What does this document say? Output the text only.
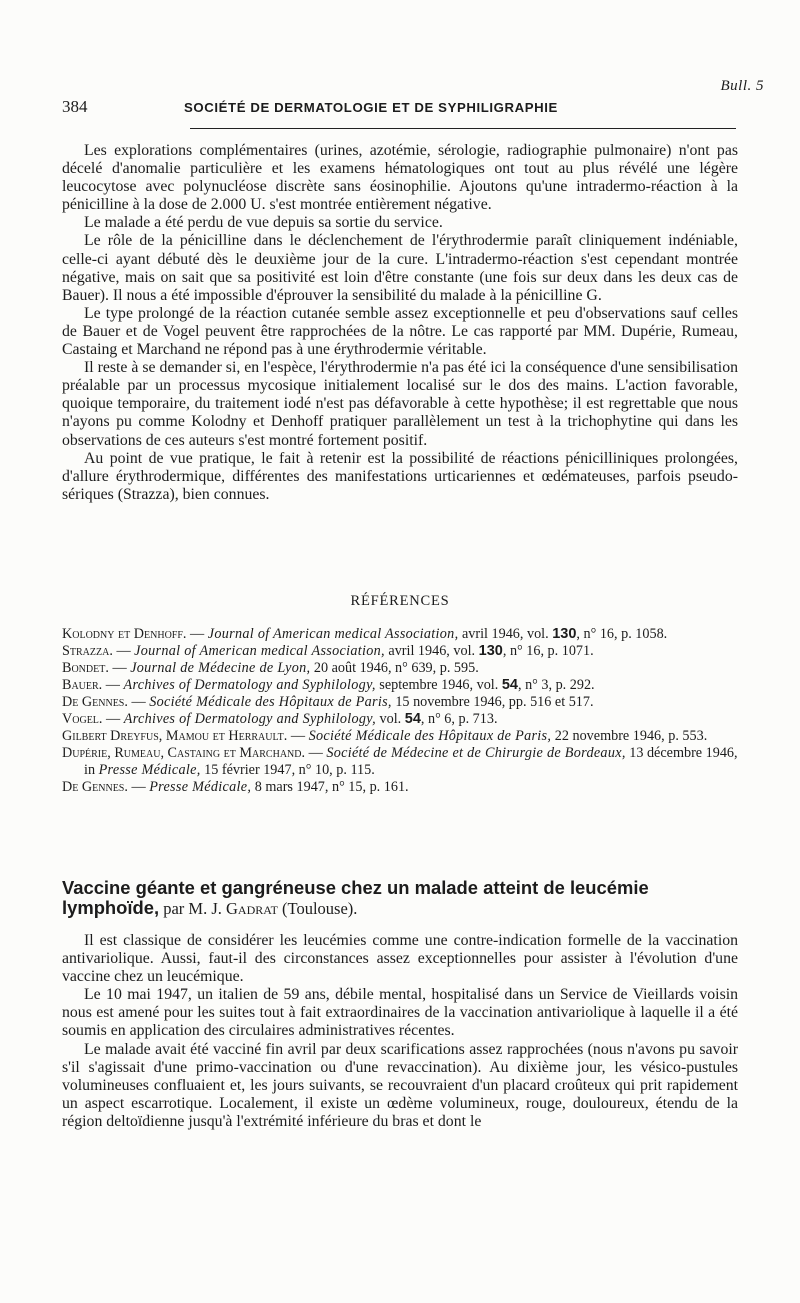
Bull. 5
384	SOCIÉTÉ DE DERMATOLOGIE ET DE SYPHILIGRAPHIE

Les explorations complémentaires (urines, azotémie, sérologie, radiographie pulmonaire) n'ont pas décelé d'anomalie particulière et les examens hématologiques ont tout au plus révélé une légère leucocytose avec polynucléose discrète sans éosinophilie. Ajoutons qu'une intradermo-réaction à la pénicilline à la dose de 2.000 U. s'est montrée entièrement négative.

Le malade a été perdu de vue depuis sa sortie du service.

Le rôle de la pénicilline dans le déclenchement de l'érythrodermie paraît cliniquement indéniable, celle-ci ayant débuté dès le deuxième jour de la cure. L'intradermo-réaction s'est cependant montrée négative, mais on sait que sa positivité est loin d'être constante (une fois sur deux dans les deux cas de Bauer). Il nous a été impossible d'éprouver la sensibilité du malade à la pénicilline G.

Le type prolongé de la réaction cutanée semble assez exceptionnelle et peu d'observations sauf celles de Bauer et de Vogel peuvent être rapprochées de la nôtre. Le cas rapporté par MM. Dupérie, Rumeau, Castaing et Marchand ne répond pas à une érythrodermie véritable.

Il reste à se demander si, en l'espèce, l'érythrodermie n'a pas été ici la conséquence d'une sensibilisation préalable par un processus mycosique initialement localisé sur le dos des mains. L'action favorable, quoique temporaire, du traitement iodé n'est pas défavorable à cette hypothèse; il est regrettable que nous n'ayons pu comme Kolodny et Denhoff pratiquer parallèlement un test à la trichophytine qui dans les observations de ces auteurs s'est montré fortement positif.

Au point de vue pratique, le fait à retenir est la possibilité de réactions pénicilliniques prolongées, d'allure érythrodermique, différentes des manifestations urticariennes et œdémateuses, parfois pseudo-sériques (Strazza), bien connues.

RÉFÉRENCES
Kolodny et Denhoff. — Journal of American medical Association, avril 1946, vol. 130, n° 16, p. 1058.
Strazza. — Journal of American medical Association, avril 1946, vol. 130, n° 16, p. 1071.
Bondet. — Journal de Médecine de Lyon, 20 août 1946, n° 639, p. 595.
Bauer. — Archives of Dermatology and Syphilology, septembre 1946, vol. 54, n° 3, p. 292.
De Gennes. — Société Médicale des Hôpitaux de Paris, 15 novembre 1946, pp. 516 et 517.
Vogel. — Archives of Dermatology and Syphilology, vol. 54, n° 6, p. 713.
Gilbert Dreyfus, Mamou et Herrault. — Société Médicale des Hôpitaux de Paris, 22 novembre 1946, p. 553.
Dupérie, Rumeau, Castaing et Marchand. — Société de Médecine et de Chirurgie de Bordeaux, 13 décembre 1946, in Presse Médicale, 15 février 1947, n° 10, p. 115.
De Gennes. — Presse Médicale, 8 mars 1947, n° 15, p. 161.
Vaccine géante et gangréneuse chez un malade atteint de leucémie lymphoïde, par M. J. Gadrat (Toulouse).

Il est classique de considérer les leucémies comme une contre-indication formelle de la vaccination antivariolique. Aussi, faut-il des circonstances assez exceptionnelles pour assister à l'évolution d'une vaccine chez un leucémique.

Le 10 mai 1947, un italien de 59 ans, débile mental, hospitalisé dans un Service de Vieillards voisin nous est amené pour les suites tout à fait extraordinaires de la vaccination antivariolique à laquelle il a été soumis en application des circulaires administratives récentes.

Le malade avait été vacciné fin avril par deux scarifications assez rapprochées (nous n'avons pu savoir s'il s'agissait d'une primo-vaccination ou d'une revaccination). Au dixième jour, les vésico-pustules volumineuses confluaient et, les jours suivants, se recouvraient d'un placard croûteux qui prit rapidement un aspect escarrotique. Localement, il existe un œdème volumineux, rouge, douloureux, étendu de la région deltoïdienne jusqu'à l'extrémité inférieure du bras et dont le
